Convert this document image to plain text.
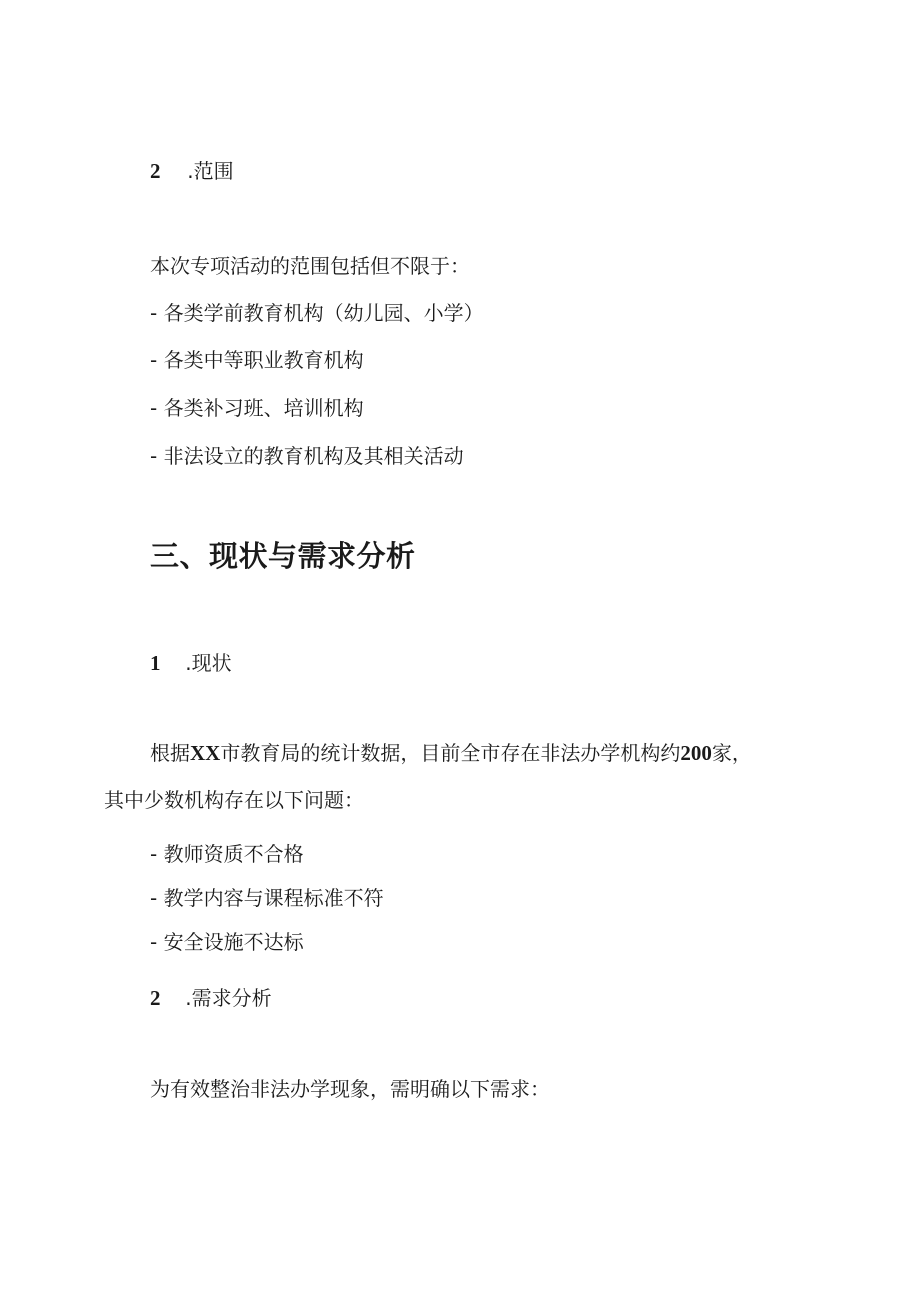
2 .范围
本次专项活动的范围包括但不限于：
- 各类学前教育机构（幼儿园、小学）
- 各类中等职业教育机构
- 各类补习班、培训机构
- 非法设立的教育机构及其相关活动
三、现状与需求分析
1 .现状
根据XX市教育局的统计数据，目前全市存在非法办学机构约200家，
其中少数机构存在以下问题：
- 教师资质不合格
- 教学内容与课程标准不符
- 安全设施不达标
2 .需求分析
为有效整治非法办学现象，需明确以下需求：
